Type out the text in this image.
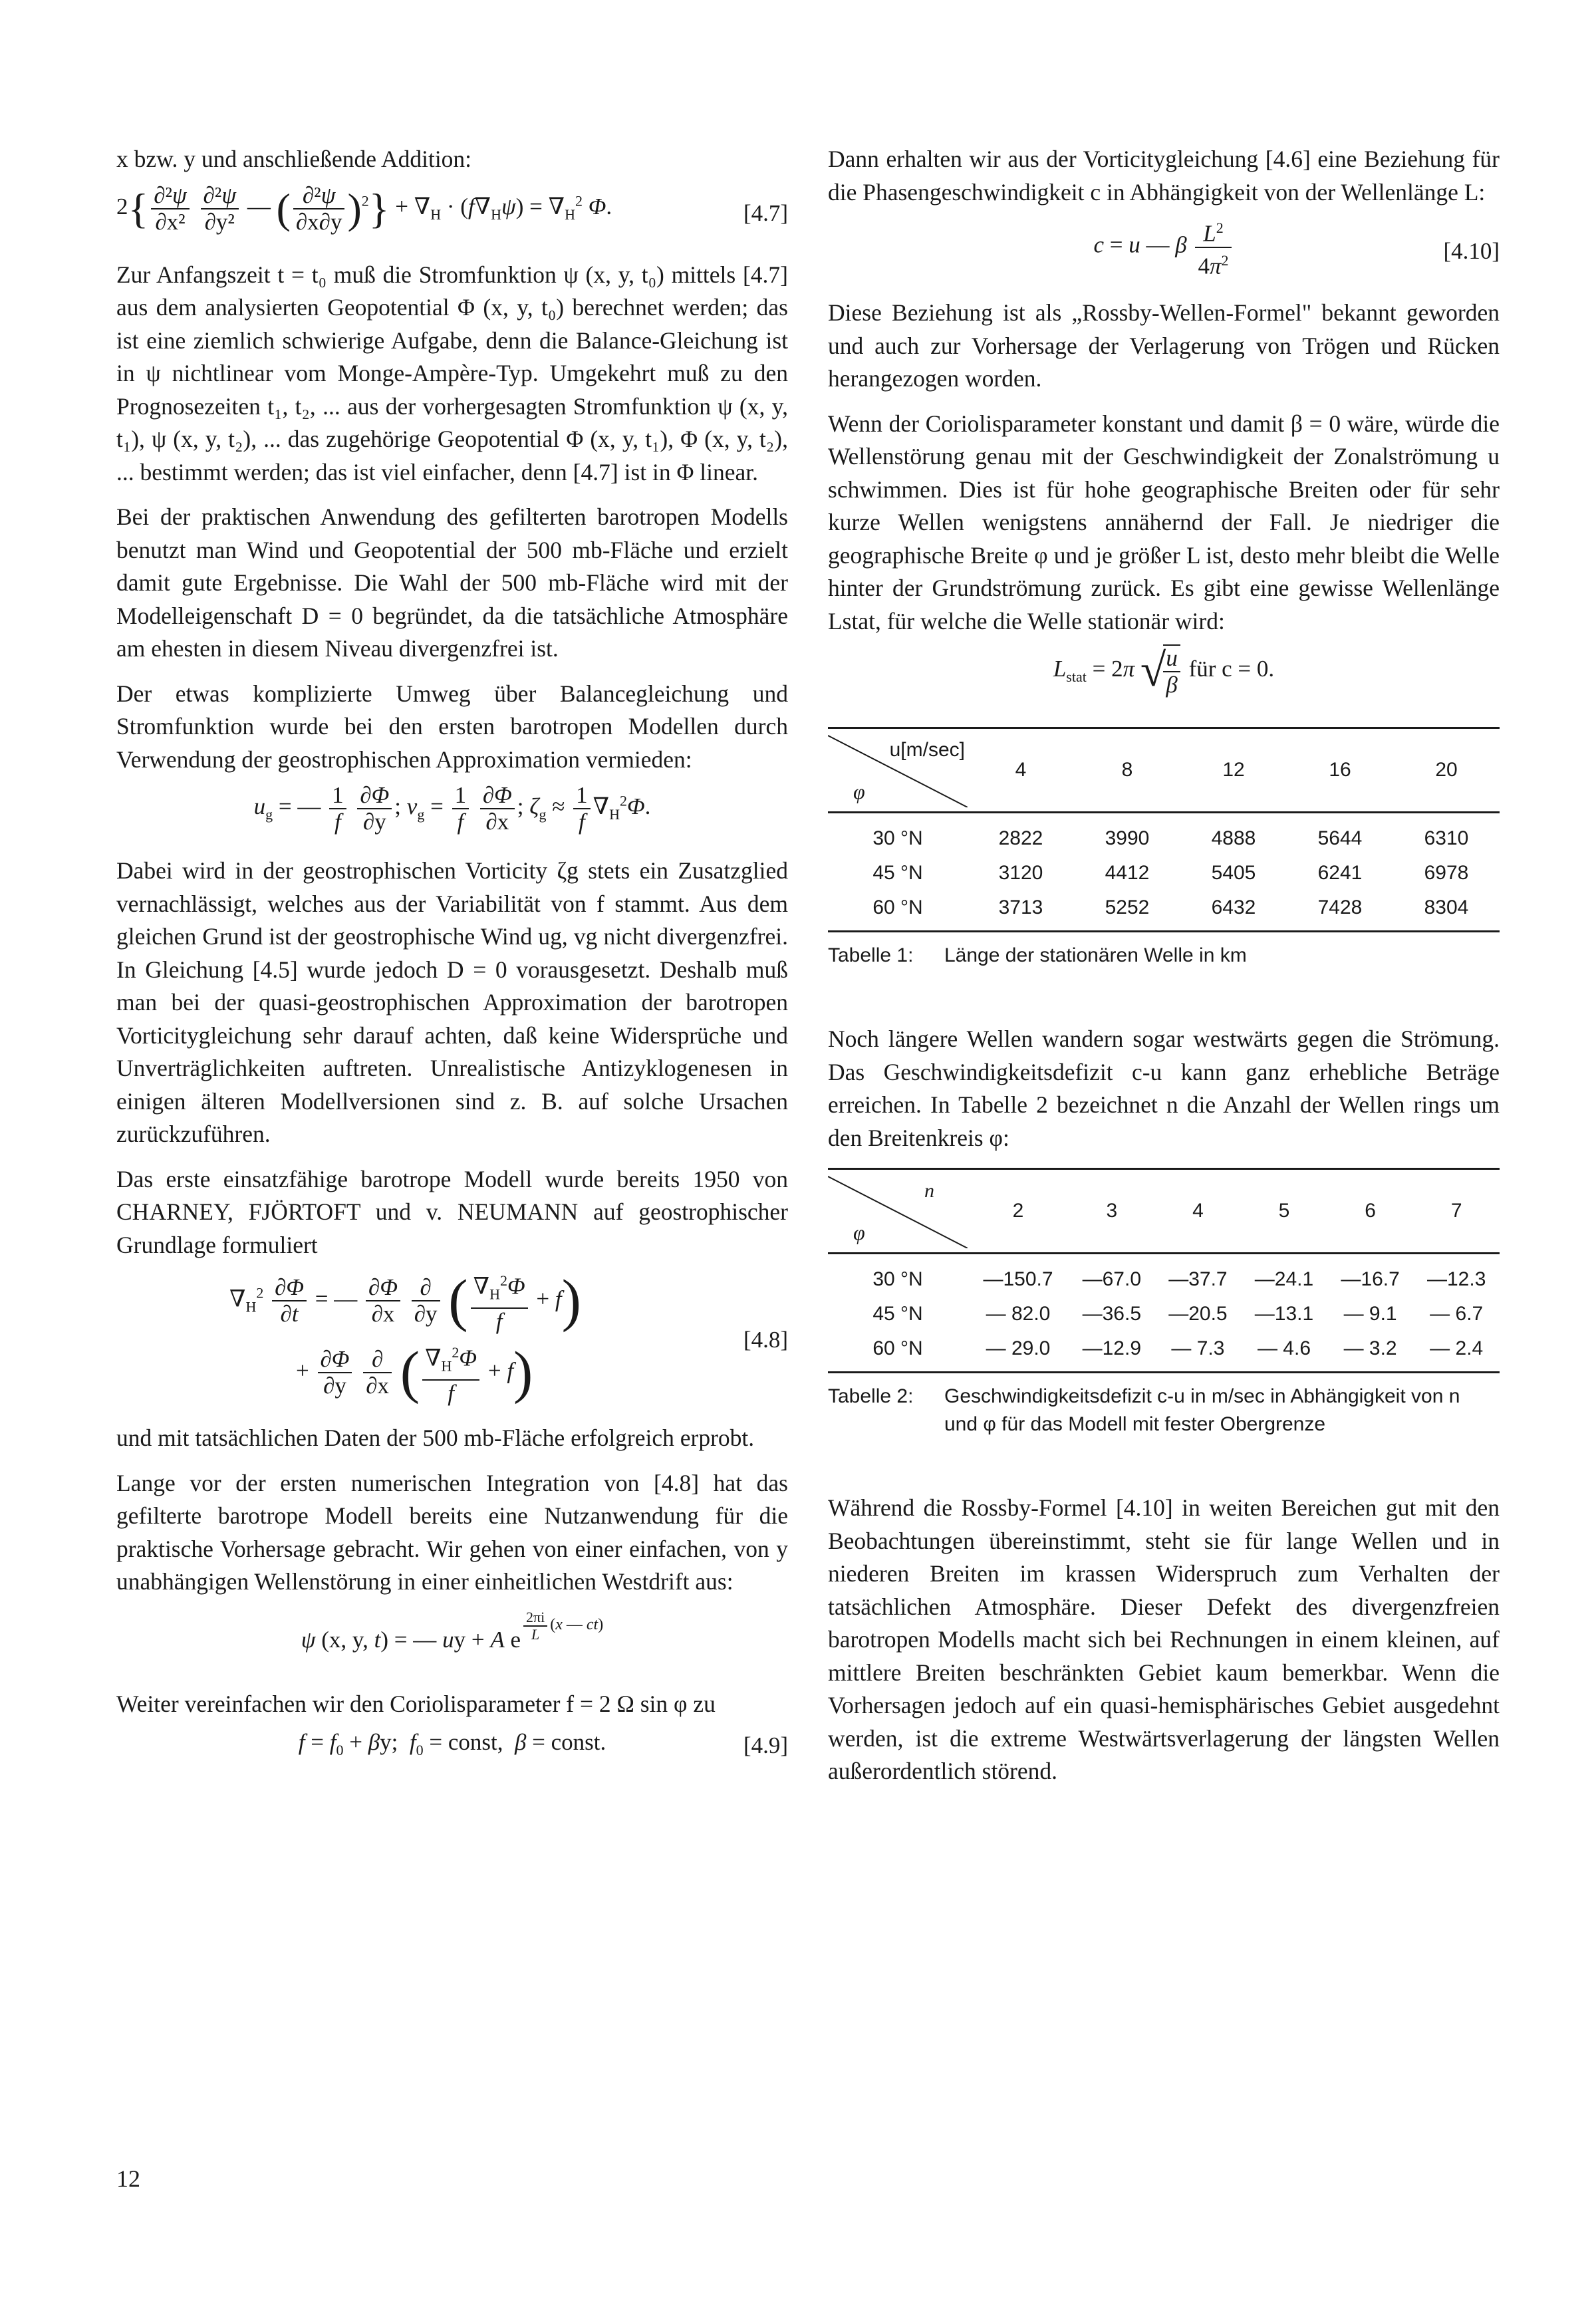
x bzw. y und anschließende Addition:

$2\{ \frac{\text{∂²ψ}}{\text{∂x²}}$
$\frac{\text{∂²ψ}}{\text{∂y²}}$ — ( $\frac{\text{∂²ψ}}{\partial x\partial y} )^2\} + \nabla_H \cdot (f\nabla_H\psi) = \nabla_H^2$ Φ.	[4.7]

Zur Anfangszeit t = t₀ muß die Stromfunktion ψ (x, y, t₀) mittels [4.7] aus dem analysierten Geopotential Φ (x, y, t₀) berechnet werden; das ist eine ziemlich schwierige Aufgabe, denn die Balance-Gleichung ist in ψ nichtlinear vom Monge-Ampère-Typ. Umgekehrt muß zu den Prognosezeiten t₁, t₂, ... aus der vorhergesagten Stromfunktion ψ (x, y, t₁), ψ (x, y, t₂), ... das zugehörige Geopotential Φ (x, y, t₁), Φ (x, y, t₂), ... bestimmt werden; das ist viel einfacher, denn [4.7] ist in Φ linear.

Bei der praktischen Anwendung des gefilterten barotropen Modells benutzt man Wind und Geopotential der 500 mb-Fläche und erzielt damit gute Ergebnisse. Die Wahl der 500 mb-Fläche wird mit der Modelleigenschaft D = 0 begründet, da die tatsächliche Atmosphäre am ehesten in diesem Niveau divergenzfrei ist.

Der etwas komplizierte Umweg über Balancegleichung und Stromfunktion wurde bei den ersten barotropen Modellen durch Verwendung der geostrophischen Approximation vermieden:

$u_g$ = — $\frac{1}{f}$
$\frac{\partial\Phi}{\partial y}$ ; $v_g = \frac{1}{f}$
$\frac{\partial\Phi}{\partial x}$ ; $\zeta_g \approx \frac{1}{f} \nabla_H^2\Phi$.

Dabei wird in der geostrophischen Vorticity ζg stets ein Zusatzglied vernachlässigt, welches aus der Variabilität von f stammt. Aus dem gleichen Grund ist der geostrophische Wind ug, vg nicht divergenzfrei. In Gleichung [4.5] wurde jedoch D = 0 vorausgesetzt. Deshalb muß man bei der quasi-geostrophischen Approximation der barotropen Vorticitygleichung sehr darauf achten, daß keine Widersprüche und Unverträglichkeiten auftreten. Unrealistische Antizyklogenesen in einigen älteren Modellversionen sind z. B. auf solche Ursachen zurückzuführen.

Das erste einsatzfähige barotrope Modell wurde bereits 1950 von CHARNEY, FJÖRTOFT und v. NEUMANN auf geostrophischer Grundlage formuliert

$\nabla_H^2 \frac{\partial\Phi}{\partial t}$ = — $\frac{\partial\Phi}{\partial x}$
$\frac{\partial}{\partial y}$ ( $\frac{\nabla_H^2\Phi}{f} + f$)
+ $\frac{\partial\Phi}{\partial y}$
$\frac{\partial}{\partial x}$ ( $\frac{\nabla_H^2\Phi}{f} + f$)
[4.8]

und mit tatsächlichen Daten der 500 mb-Fläche erfolgreich erprobt.

Lange vor der ersten numerischen Integration von [4.8] hat das gefilterte barotrope Modell bereits eine Nutzanwendung für die praktische Vorhersage gebracht. Wir gehen von einer einfachen, von y unabhängigen Wellenstörung in einer einheitlichen Westdrift aus:

ψ (x, y, t) = — uy + A e $^{\frac{2\pi i}{L} (x — ct)}$

Weiter vereinfachen wir den Coriolisparameter f = 2 Ω sin φ zu

$f = f_0 + \beta y$;  $f_0$ = const,  β = const.	[4.9]

Dann erhalten wir aus der Vorticitygleichung [4.6] eine Beziehung für die Phasengeschwindigkeit c in Abhängigkeit von der Wellenlänge L:

c = u — β $\frac{L^2}{4\pi^2}$	[4.10]

Diese Beziehung ist als „Rossby-Wellen-Formel" bekannt geworden und auch zur Vorhersage der Verlagerung von Trögen und Rücken herangezogen worden.

Wenn der Coriolisparameter konstant und damit β = 0 wäre, würde die Wellenstörung genau mit der Geschwindigkeit der Zonalströmung u schwimmen. Dies ist für hohe geographische Breiten oder für sehr kurze Wellen wenigstens annähernd der Fall. Je niedriger die geographische Breite φ und je größer L ist, desto mehr bleibt die Welle hinter der Grundströmung zurück. Es gibt eine gewisse Wellenlänge Lstat, für welche die Welle stationär wird:

$L_{stat} = 2\pi$ √
$\frac{u}{\beta}$ für c = 0.
u[m/sec]
φ	4	8	12	16	20
30 °N	2822	3990	4888	5644	6310
45 °N	3120	4412	5405	6241	6978
60 °N	3713	5252	6432	7428	8304
Tabelle 1: Länge der stationären Welle in km

Noch längere Wellen wandern sogar westwärts gegen die Strömung. Das Geschwindigkeitsdefizit c-u kann ganz erhebliche Beträge erreichen. In Tabelle 2 bezeichnet n die Anzahl der Wellen rings um den Breitenkreis φ:

n
φ	2	3	4	5	6	7
30 °N	—150.7	—67.0	—37.7	—24.1	—16.7	—12.3
45 °N	— 82.0	—36.5	—20.5	—13.1	— 9.1	— 6.7
60 °N	— 29.0	—12.9	— 7.3	— 4.6	— 3.2	— 2.4
Tabelle 2: Geschwindigkeitsdefizit c-u in m/sec in Abhängigkeit von n und φ für das Modell mit fester Obergrenze

Während die Rossby-Formel [4.10] in weiten Bereichen gut mit den Beobachtungen übereinstimmt, steht sie für lange Wellen und in niederen Breiten im krassen Widerspruch zum Verhalten der tatsächlichen Atmosphäre. Dieser Defekt des divergenzfreien barotropen Modells macht sich bei Rechnungen in einem kleinen, auf mittlere Breiten beschränkten Gebiet kaum bemerkbar. Wenn die Vorhersagen jedoch auf ein quasi-hemisphärisches Gebiet ausgedehnt werden, ist die extreme Westwärtsverlagerung der längsten Wellen außerordentlich störend.

12
